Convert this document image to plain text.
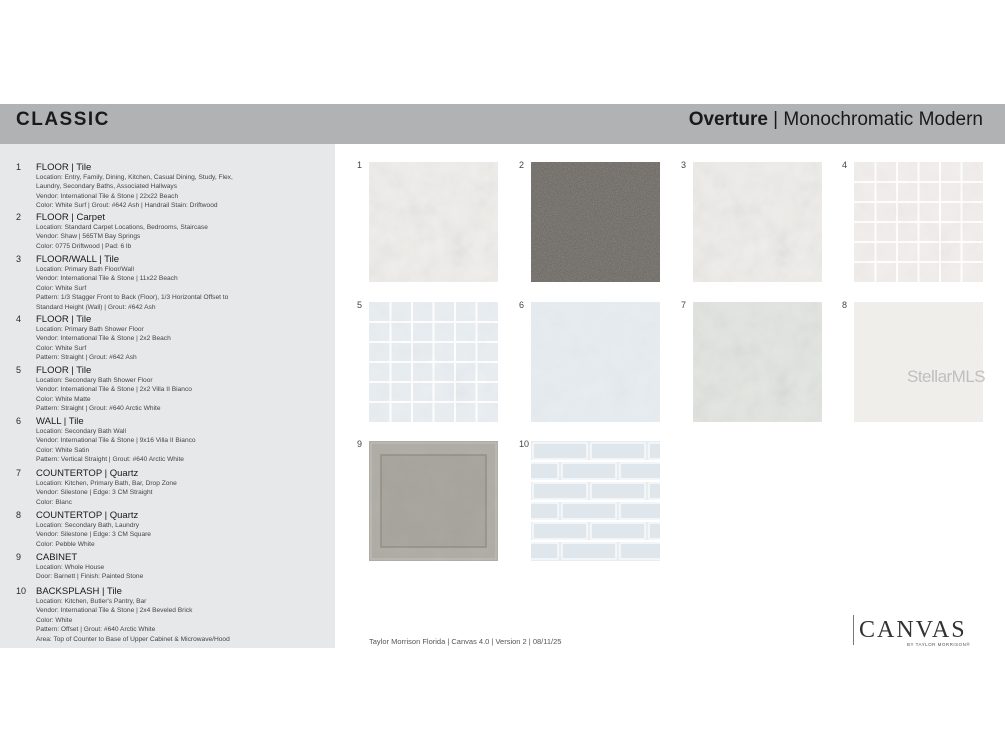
CLASSIC	Overture | Monochromatic Modern
1 FLOOR | Tile
Location: Entry, Family, Dining, Kitchen, Casual Dining, Study, Flex,
Laundry, Secondary Baths, Associated Hallways
Vendor: International Tile & Stone | 22x22 Beach
Color: White Surf | Grout: #642 Ash | Handrail Stain: Driftwood
2 FLOOR | Carpet
Location: Standard Carpet Locations, Bedrooms, Staircase
Vendor: Shaw | 565TM Bay Springs
Color: 0775 Driftwood | Pad: 6 lb
3 FLOOR/WALL | Tile
Location: Primary Bath Floor/Wall
Vendor: International Tile & Stone | 11x22 Beach
Color: White Surf
Pattern: 1/3 Stagger Front to Back (Floor), 1/3 Horizontal Offset to
Standard Height (Wall) | Grout: #642 Ash
4 FLOOR | Tile
Location: Primary Bath Shower Floor
Vendor: International Tile & Stone | 2x2 Beach
Color: White Surf
Pattern: Straight | Grout: #642 Ash
5 FLOOR | Tile
Location: Secondary Bath Shower Floor
Vendor: International Tile & Stone | 2x2 Villa II Bianco
Color: White Matte
Pattern: Straight | Grout: #640 Arctic White
6 WALL | Tile
Location: Secondary Bath Wall
Vendor: International Tile & Stone | 9x16 Villa II Bianco
Color: White Satin
Pattern: Vertical Straight | Grout: #640 Arctic White
7 COUNTERTOP | Quartz
Location: Kitchen, Primary Bath, Bar, Drop Zone
Vendor: Silestone | Edge: 3 CM Straight
Color: Blanc
8 COUNTERTOP | Quartz
Location: Secondary Bath, Laundry
Vendor: Silestone | Edge: 3 CM Square
Color: Pebble White
9 CABINET
Location: Whole House
Door: Barnett | Finish: Painted Stone
10 BACKSPLASH | Tile
Location: Kitchen, Butler's Pantry, Bar
Vendor: International Tile & Stone | 2x4 Beveled Brick
Color: White
Pattern: Offset | Grout: #640 Arctic White
Area: Top of Counter to Base of Upper Cabinet & Microwave/Hood
1	2	3	4
5	6	7	8
9	10
Taylor Morrison Florida | Canvas 4.0 | Version 2 | 08/11/25	CANVAS
BY TAYLOR MORRISON®
StellarMLS
